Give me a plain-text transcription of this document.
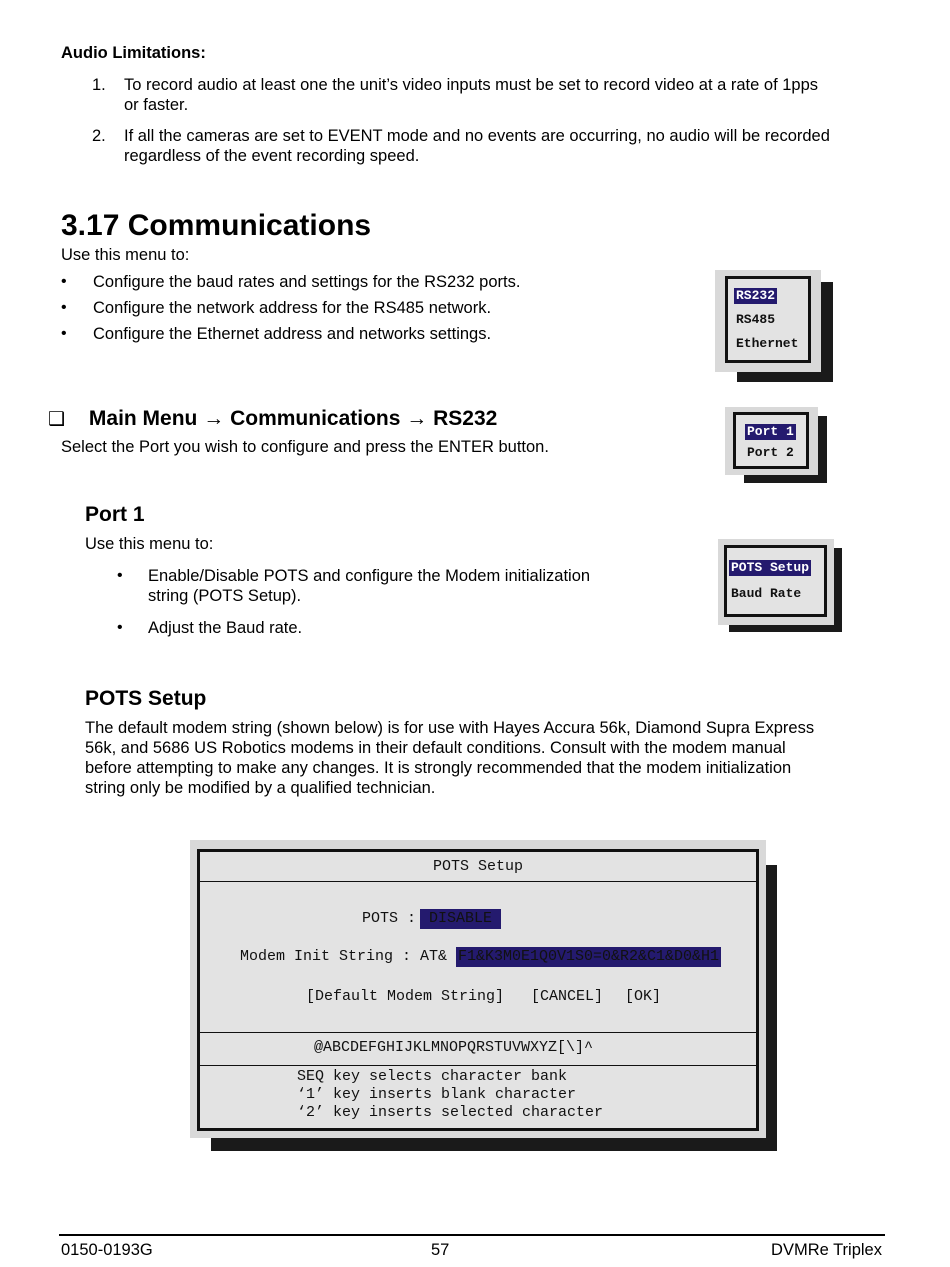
Audio Limitations:
1.	To record audio at least one the unit’s video inputs must be set to record video at a rate of 1pps
or faster.
2.	If all the cameras are set to EVENT mode and no events are occurring, no audio will be recorded
regardless of the event recording speed.
3.17 Communications
Use this menu to:
• Configure the baud rates and settings for the RS232 ports.
• Configure the network address for the RS485 network.
• Configure the Ethernet address and networks settings.
RS232
RS485
Ethernet
❑ Main Menu → Communications → RS232
Select the Port you wish to configure and press the ENTER button.
Port 1
Port 2
Port 1
Use this menu to:
• Enable/Disable POTS and configure the Modem initialization
string (POTS Setup).
• Adjust the Baud rate.
POTS Setup
Baud Rate
POTS Setup
The default modem string (shown below) is for use with Hayes Accura 56k, Diamond Supra Express
56k, and 5686 US Robotics modems in their default conditions. Consult with the modem manual
before attempting to make any changes. It is strongly recommended that the modem initialization
string only be modified by a qualified technician.
POTS Setup
POTS : DISABLE
Modem Init String : AT& F1&K3M0E1Q0V1S0=0&R2&C1&D0&H1
[Default Modem String] [CANCEL] [OK]
@ABCDEFGHIJKLMNOPQRSTUVWXYZ[\]^
SEQ key selects character bank
‘1’ key inserts blank character
‘2’ key inserts selected character
0150-0193G	57	DVMRe Triplex
